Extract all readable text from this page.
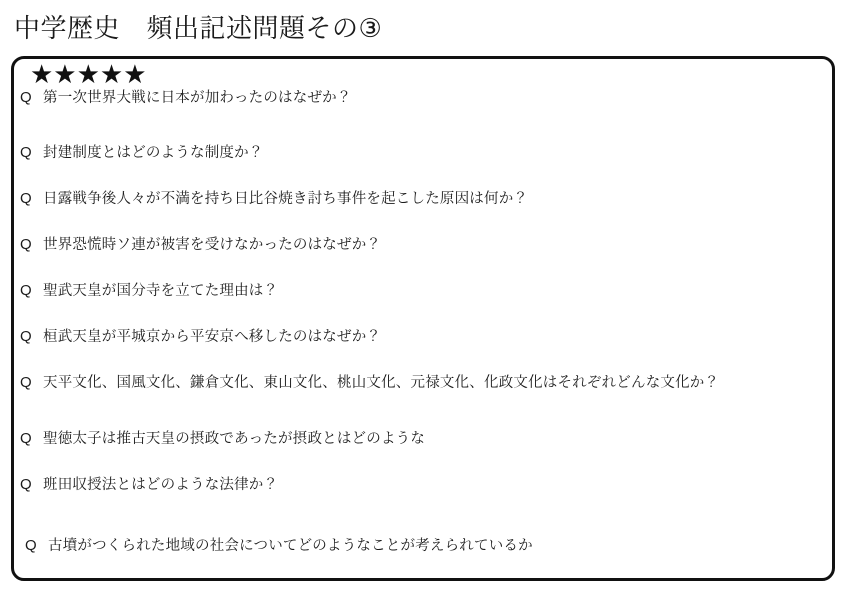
中学歴史　頻出記述問題その③
★★★★★
Q 第一次世界大戦に日本が加わったのはなぜか？
Q 封建制度とはどのような制度か？
Q 日露戦争後人々が不満を持ち日比谷焼き討ち事件を起こした原因は何か？
Q 世界恐慌時ソ連が被害を受けなかったのはなぜか？
Q 聖武天皇が国分寺を立てた理由は？
Q 桓武天皇が平城京から平安京へ移したのはなぜか？
Q 天平文化、国風文化、鎌倉文化、東山文化、桃山文化、元禄文化、化政文化はそれぞれどんな文化か？
Q 聖徳太子は推古天皇の摂政であったが摂政とはどのような
Q 班田収授法とはどのような法律か？
Q 古墳がつくられた地域の社会についてどのようなことが考えられているか
